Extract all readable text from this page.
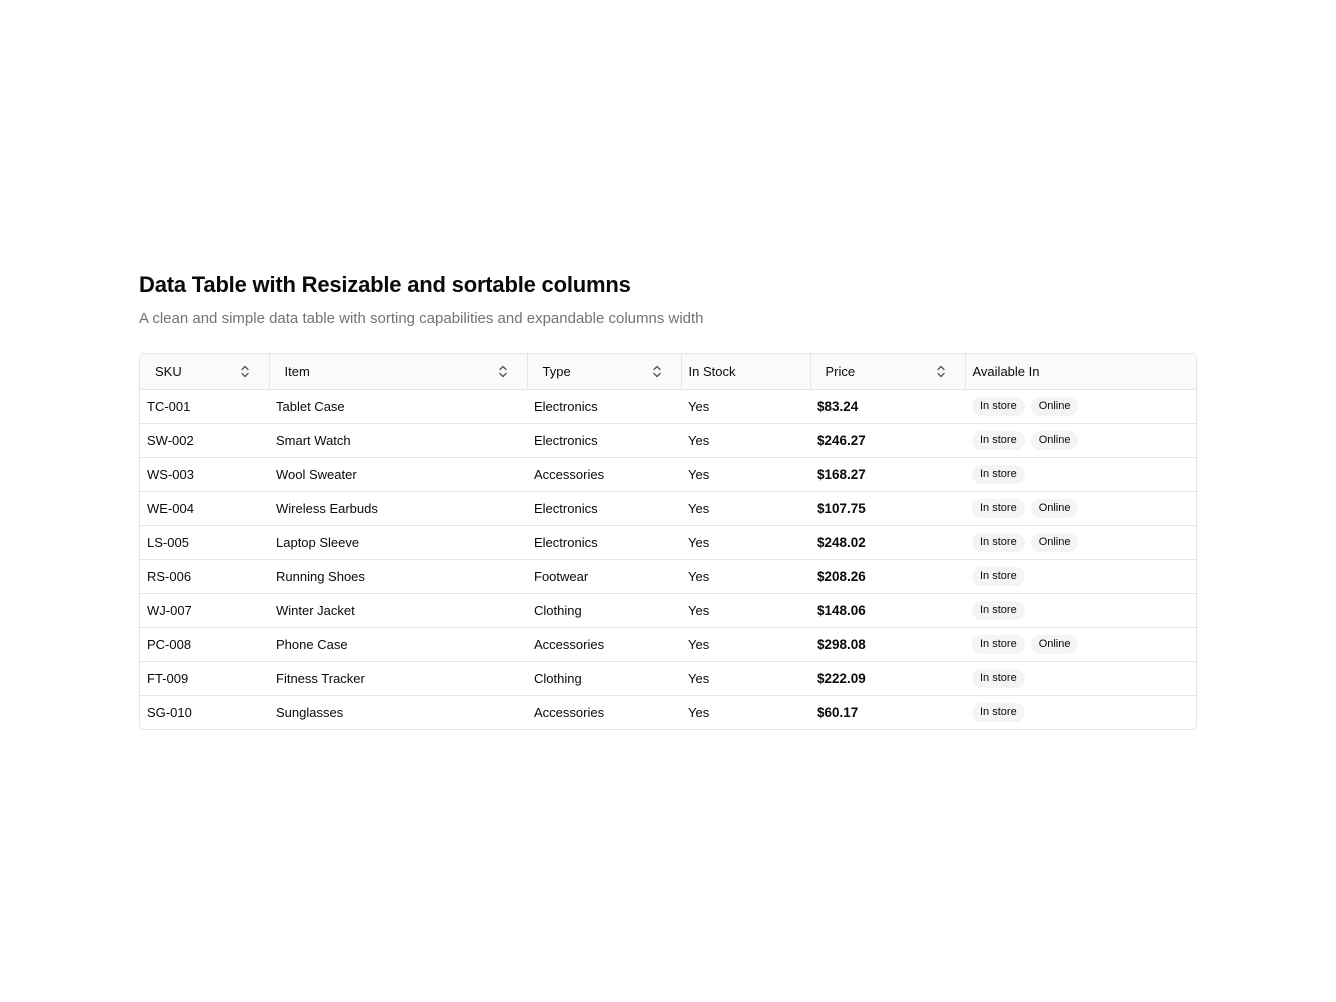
Data Table with Resizable and sortable columns

A clean and simple data table with sorting capabilities and expandable columns width

SKU	Item	Type	In Stock	Price	Available In

TC-001	Tablet Case	Electronics	Yes	$83.24	In store Online
SW-002	Smart Watch	Electronics	Yes	$246.27	In store Online
WS-003	Wool Sweater	Accessories	Yes	$168.27	In store
WE-004	Wireless Earbuds	Electronics	Yes	$107.75	In store Online
LS-005	Laptop Sleeve	Electronics	Yes	$248.02	In store Online
RS-006	Running Shoes	Footwear	Yes	$208.26	In store
WJ-007	Winter Jacket	Clothing	Yes	$148.06	In store
PC-008	Phone Case	Accessories	Yes	$298.08	In store Online
FT-009	Fitness Tracker	Clothing	Yes	$222.09	In store
SG-010	Sunglasses	Accessories	Yes	$60.17	In store
